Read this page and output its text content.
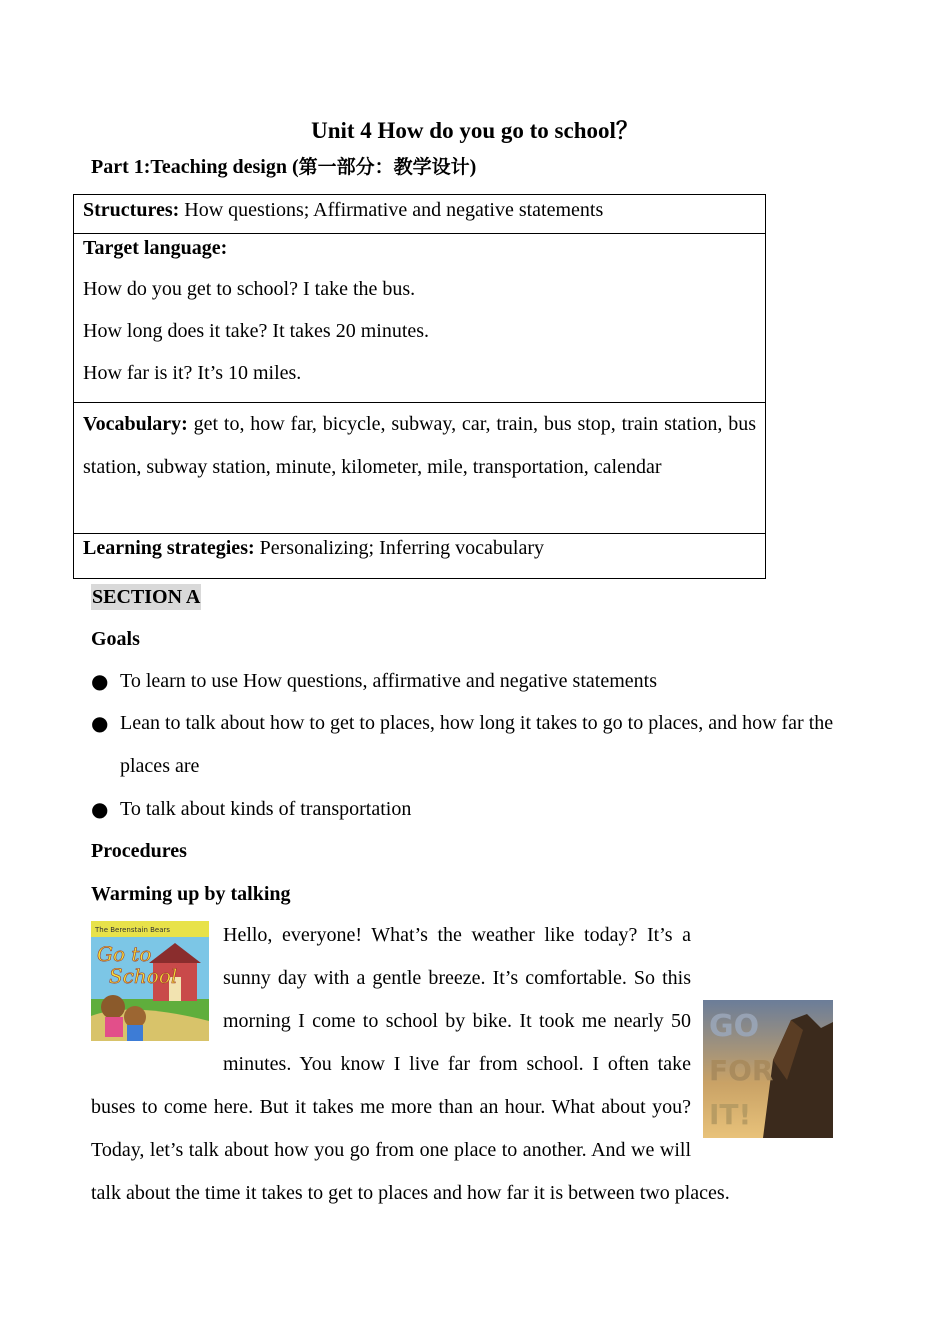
Unit 4 How do you go to school？
Part 1:Teaching design (第一部分：教学设计)
Structures: How questions; Affirmative and negative statements

Target language:
How do you get to school? I take the bus.
How long does it take? It takes 20 minutes.
How far is it? It’s 10 miles.

Vocabulary: get to, how far, bicycle, subway, car, train, bus stop, train station, bus station, subway station, minute, kilometer, mile, transportation, calendar

Learning strategies: Personalizing; Inferring vocabulary
SECTION A
Goals
● To learn to use How questions, affirmative and negative statements
● Lean to talk about how to get to places, how long it takes to go to places, and how far the places are
● To talk about kinds of transportation
Procedures
Warming up by talking
Go to
School
The Berenstain Bears
GO
FOR
IT!
Hello, everyone! What’s the weather like today? It’s a sunny day with a gentle breeze. It’s comfortable. So this morning I come to school by bike. It took me nearly 50 minutes. You know I live far from school. I often take buses to come here. But it takes me more than an hour. What about you? Today, let’s talk about how you go from one place to another. And we will talk about the time it takes to get to places and how far it is between two places.
